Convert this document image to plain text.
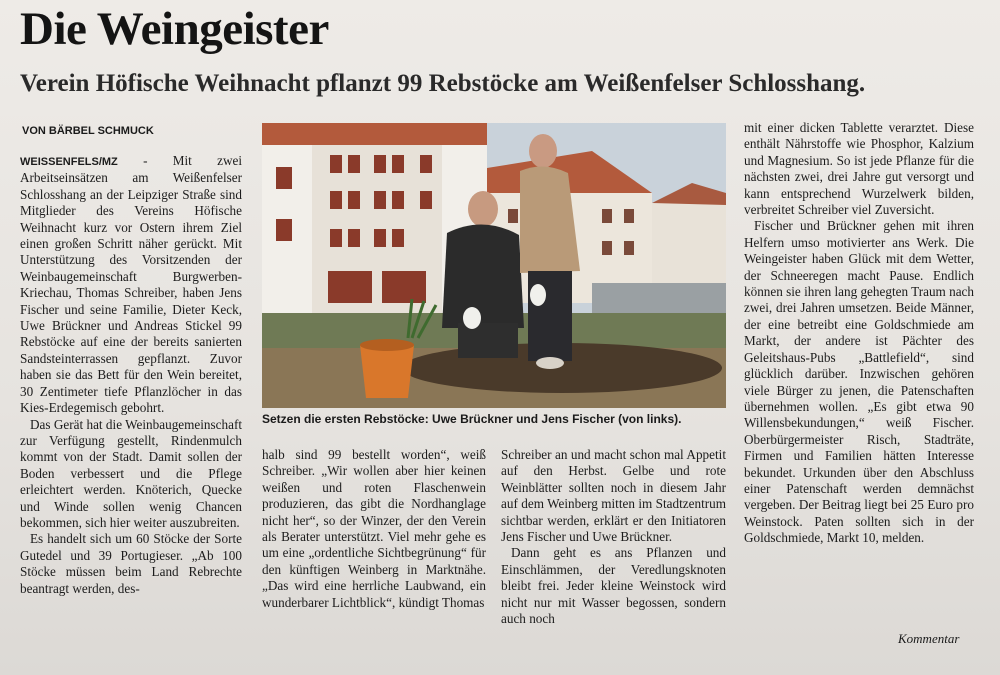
Die Weingeister
Verein Höfische Weihnacht pflanzt 99 Rebstöcke am Weißenfelser Schlosshang.
VON BÄRBEL SCHMUCK

WEISSENFELS/MZ - Mit zwei Arbeitseinsätzen am Weißenfelser Schlosshang an der Leipziger Straße sind Mitglieder des Vereins Höfische Weihnacht kurz vor Ostern ihrem Ziel einen großen Schritt näher gerückt. Mit Unterstützung des Vorsitzenden der Weinbaugemeinschaft Burgwerben-Kriechau, Thomas Schreiber, haben Jens Fischer und seine Familie, Dieter Keck, Uwe Brückner und Andreas Stickel 99 Rebstöcke auf eine der bereits sanierten Sandsteinterrassen gepflanzt. Zuvor haben sie das Bett für den Wein bereitet, 30 Zentimeter tiefe Pflanzlöcher in das Kies-Erdegemisch gebohrt.

Das Gerät hat die Weinbaugemeinschaft zur Verfügung gestellt, Rindenmulch kommt von der Stadt. Damit sollen der Boden verbessert und die Pflege erleichtert werden. Knöterich, Quecke und Winde sollen wenig Chancen bekommen, sich hier weiter auszubreiten.

Es handelt sich um 60 Stöcke der Sorte Gutedel und 39 Portugieser. „Ab 100 Stöcke müssen beim Land Rebrechte beantragt werden, des-

Setzen die ersten Rebstöcke: Uwe Brückner und Jens Fischer (von links).

halb sind 99 bestellt worden“, weiß Schreiber. „Wir wollen aber hier keinen weißen und roten Flaschenwein produzieren, das gibt die Nordhanglage nicht her“, so der Winzer, der den Verein als Berater unterstützt. Viel mehr gehe es um eine „ordentliche Sichtbegrünung“ für den künftigen Weinberg in Marktnähe. „Das wird eine herrliche Laubwand, ein wunderbarer Lichtblick“, kündigt Thomas

Schreiber an und macht schon mal Appetit auf den Herbst. Gelbe und rote Weinblätter sollten noch in diesem Jahr auf dem Weinberg mitten im Stadtzentrum sichtbar werden, erklärt er den Initiatoren Jens Fischer und Uwe Brückner.

Dann geht es ans Pflanzen und Einschlämmen, der Veredlungsknoten bleibt frei. Jeder kleine Weinstock wird nicht nur mit Wasser begossen, sondern auch noch

mit einer dicken Tablette verarztet. Diese enthält Nährstoffe wie Phosphor, Kalzium und Magnesium. So ist jede Pflanze für die nächsten zwei, drei Jahre gut versorgt und kann entsprechend Wurzelwerk bilden, verbreitet Schreiber viel Zuversicht.

Fischer und Brückner gehen mit ihren Helfern umso motivierter ans Werk. Die Weingeister haben Glück mit dem Wetter, der Schneeregen macht Pause. Endlich können sie ihren lang gehegten Traum nach zwei, drei Jahren umsetzen. Beide Männer, der eine betreibt eine Goldschmiede am Markt, der andere ist Pächter des Geleitshaus-Pubs „Battlefield“, sind glücklich darüber. Inzwischen gehören viele Bürger zu jenen, die Patenschaften übernehmen wollen. „Es gibt etwa 90 Willensbekundungen,“ weiß Fischer. Oberbürgermeister Risch, Stadträte, Firmen und Familien hätten Interesse bekundet. Urkunden über den Abschluss einer Patenschaft werden demnächst vergeben. Der Beitrag liegt bei 25 Euro pro Weinstock. Paten sollten sich in der Goldschmiede, Markt 10, melden.

Kommentar
